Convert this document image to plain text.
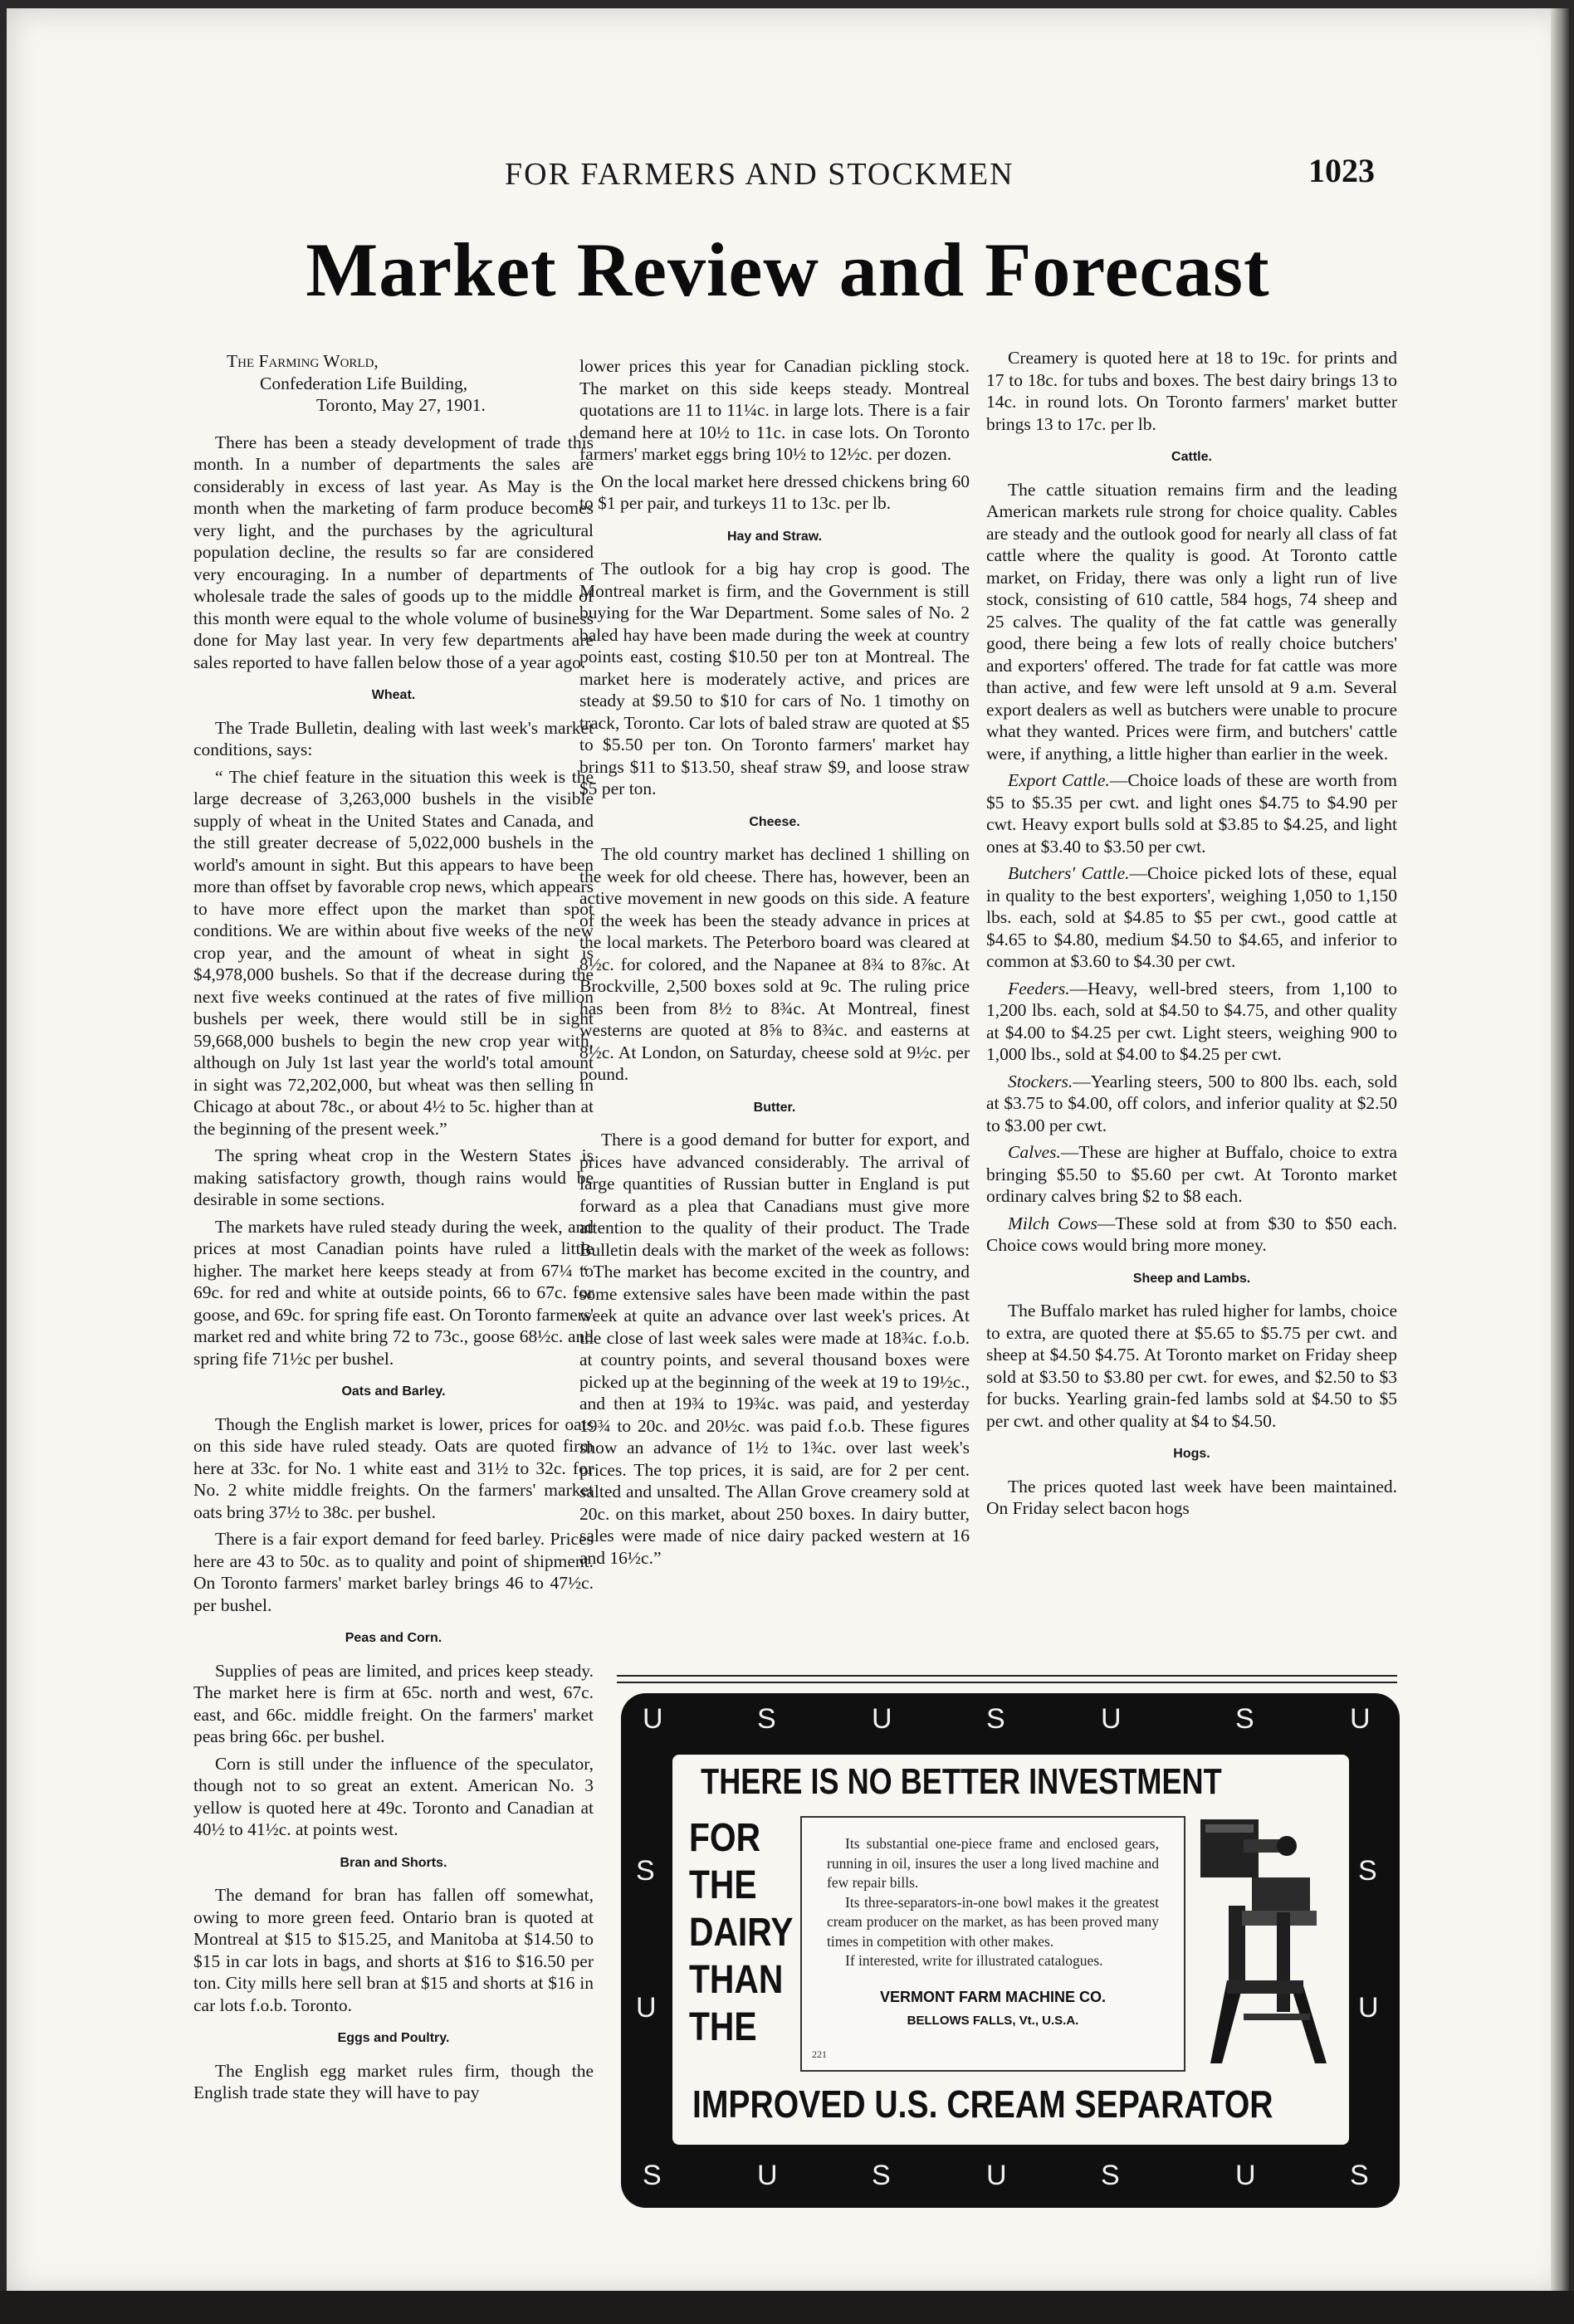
FOR FARMERS AND STOCKMEN	1023
Market Review and Forecast

The Farming World,
Confederation Life Building,
Toronto, May 27, 1901.

There has been a steady development of trade this month. In a number of departments the sales are considerably in excess of last year. As May is the month when the marketing of farm produce becomes very light, and the purchases by the agricultural population decline, the results so far are considered very encouraging. In a number of departments of wholesale trade the sales of goods up to the middle of this month were equal to the whole volume of business done for May last year. In very few departments are sales reported to have fallen below those of a year ago.

Wheat.

The Trade Bulletin, dealing with last week's market conditions, says:

“ The chief feature in the situation this week is the large decrease of 3,263,000 bushels in the visible supply of wheat in the United States and Canada, and the still greater decrease of 5,022,000 bushels in the world's amount in sight. But this appears to have been more than offset by favorable crop news, which appears to have more effect upon the market than spot conditions. We are within about five weeks of the new crop year, and the amount of wheat in sight is $4,978,000 bushels. So that if the decrease during the next five weeks continued at the rates of five million bushels per week, there would still be in sight 59,668,000 bushels to begin the new crop year with, although on July 1st last year the world's total amount in sight was 72,202,000, but wheat was then selling in Chicago at about 78c., or about 4½ to 5c. higher than at the beginning of the present week.”

The spring wheat crop in the Western States is making satisfactory growth, though rains would be desirable in some sections.

The markets have ruled steady during the week, and prices at most Canadian points have ruled a little higher. The market here keeps steady at from 67¼ to 69c. for red and white at outside points, 66 to 67c. for goose, and 69c. for spring fife east. On Toronto farmers' market red and white bring 72 to 73c., goose 68½c. and spring fife 71½c per bushel.

Oats and Barley.

Though the English market is lower, prices for oats on this side have ruled steady. Oats are quoted firm here at 33c. for No. 1 white east and 31½ to 32c. for No. 2 white middle freights. On the farmers' market oats bring 37½ to 38c. per bushel.

There is a fair export demand for feed barley. Prices here are 43 to 50c. as to quality and point of shipment. On Toronto farmers' market barley brings 46 to 47½c. per bushel.

Peas and Corn.

Supplies of peas are limited, and prices keep steady. The market here is firm at 65c. north and west, 67c. east, and 66c. middle freight. On the farmers' market peas bring 66c. per bushel.

Corn is still under the influence of the speculator, though not to so great an extent. American No. 3 yellow is quoted here at 49c. Toronto and Canadian at 40½ to 41½c. at points west.

Bran and Shorts.

The demand for bran has fallen off somewhat, owing to more green feed. Ontario bran is quoted at Montreal at $15 to $15.25, and Manitoba at $14.50 to $15 in car lots in bags, and shorts at $16 to $16.50 per ton. City mills here sell bran at $15 and shorts at $16 in car lots f.o.b. Toronto.

Eggs and Poultry.

The English egg market rules firm, though the English trade state they will have to pay

lower prices this year for Canadian pickling stock. The market on this side keeps steady. Montreal quotations are 11 to 11¼c. in large lots. There is a fair demand here at 10½ to 11c. in case lots. On Toronto farmers' market eggs bring 10½ to 12½c. per dozen.

On the local market here dressed chickens bring 60 to $1 per pair, and turkeys 11 to 13c. per lb.

Hay and Straw.

The outlook for a big hay crop is good. The Montreal market is firm, and the Government is still buying for the War Department. Some sales of No. 2 baled hay have been made during the week at country points east, costing $10.50 per ton at Montreal. The market here is moderately active, and prices are steady at $9.50 to $10 for cars of No. 1 timothy on track, Toronto. Car lots of baled straw are quoted at $5 to $5.50 per ton. On Toronto farmers' market hay brings $11 to $13.50, sheaf straw $9, and loose straw $5 per ton.

Cheese.

The old country market has declined 1 shilling on the week for old cheese. There has, however, been an active movement in new goods on this side. A feature of the week has been the steady advance in prices at the local markets. The Peterboro board was cleared at 8½c. for colored, and the Napanee at 8¾ to 8⅞c. At Brockville, 2,500 boxes sold at 9c. The ruling price has been from 8½ to 8¾c. At Montreal, finest westerns are quoted at 8⅝ to 8¾c. and easterns at 8½c. At London, on Saturday, cheese sold at 9½c. per pound.

Butter.

There is a good demand for butter for export, and prices have advanced considerably. The arrival of large quantities of Russian butter in England is put forward as a plea that Canadians must give more attention to the quality of their product. The Trade Bulletin deals with the market of the week as follows: “ The market has become excited in the country, and some extensive sales have been made within the past week at quite an advance over last week's prices. At the close of last week sales were made at 18¾c. f.o.b. at country points, and several thousand boxes were picked up at the beginning of the week at 19 to 19½c., and then at 19¾ to 19¾c. was paid, and yesterday 19¾ to 20c. and 20½c. was paid f.o.b. These figures show an advance of 1½ to 1¾c. over last week's prices. The top prices, it is said, are for 2 per cent. salted and unsalted. The Allan Grove creamery sold at 20c. on this market, about 250 boxes. In dairy butter, sales were made of nice dairy packed western at 16 and 16½c.”

Creamery is quoted here at 18 to 19c. for prints and 17 to 18c. for tubs and boxes. The best dairy brings 13 to 14c. in round lots. On Toronto farmers' market butter brings 13 to 17c. per lb.

Cattle.

The cattle situation remains firm and the leading American markets rule strong for choice quality. Cables are steady and the outlook good for nearly all class of fat cattle where the quality is good. At Toronto cattle market, on Friday, there was only a light run of live stock, consisting of 610 cattle, 584 hogs, 74 sheep and 25 calves. The quality of the fat cattle was generally good, there being a few lots of really choice butchers' and exporters' offered. The trade for fat cattle was more than active, and few were left unsold at 9 a.m. Several export dealers as well as butchers were unable to procure what they wanted. Prices were firm, and butchers' cattle were, if anything, a little higher than earlier in the week.

Export Cattle.—Choice loads of these are worth from $5 to $5.35 per cwt. and light ones $4.75 to $4.90 per cwt. Heavy export bulls sold at $3.85 to $4.25, and light ones at $3.40 to $3.50 per cwt.

Butchers' Cattle.—Choice picked lots of these, equal in quality to the best exporters', weighing 1,050 to 1,150 lbs. each, sold at $4.85 to $5 per cwt., good cattle at $4.65 to $4.80, medium $4.50 to $4.65, and inferior to common at $3.60 to $4.30 per cwt.

Feeders.—Heavy, well-bred steers, from 1,100 to 1,200 lbs. each, sold at $4.50 to $4.75, and other quality at $4.00 to $4.25 per cwt. Light steers, weighing 900 to 1,000 lbs., sold at $4.00 to $4.25 per cwt.

Stockers.—Yearling steers, 500 to 800 lbs. each, sold at $3.75 to $4.00, off colors, and inferior quality at $2.50 to $3.00 per cwt.

Calves.—These are higher at Buffalo, choice to extra bringing $5.50 to $5.60 per cwt. At Toronto market ordinary calves bring $2 to $8 each.

Milch Cows—These sold at from $30 to $50 each. Choice cows would bring more money.

Sheep and Lambs.

The Buffalo market has ruled higher for lambs, choice to extra, are quoted there at $5.65 to $5.75 per cwt. and sheep at $4.50 $4.75. At Toronto market on Friday sheep sold at $3.50 to $3.80 per cwt. for ewes, and $2.50 to $3 for bucks. Yearling grain-fed lambs sold at $4.50 to $5 per cwt. and other quality at $4 to $4.50.

Hogs.

The prices quoted last week have been maintained. On Friday select bacon hogs

U	S	U	S	U	S	U
S
U
S
U
S	U	S	U	S	U	S
THERE IS NO BETTER INVESTMENT
FOR
THE
DAIRY
THAN
THE

Its substantial one-piece frame and enclosed gears, running in oil, insures the user a long lived machine and few repair bills.

Its three-separators-in-one bowl makes it the greatest cream producer on the market, as has been proved many times in competition with other makes.

If interested, write for illustrated catalogues.

VERMONT FARM MACHINE CO.
BELLOWS FALLS, Vt., U.S.A.
221
IMPROVED U.S. CREAM SEPARATOR
